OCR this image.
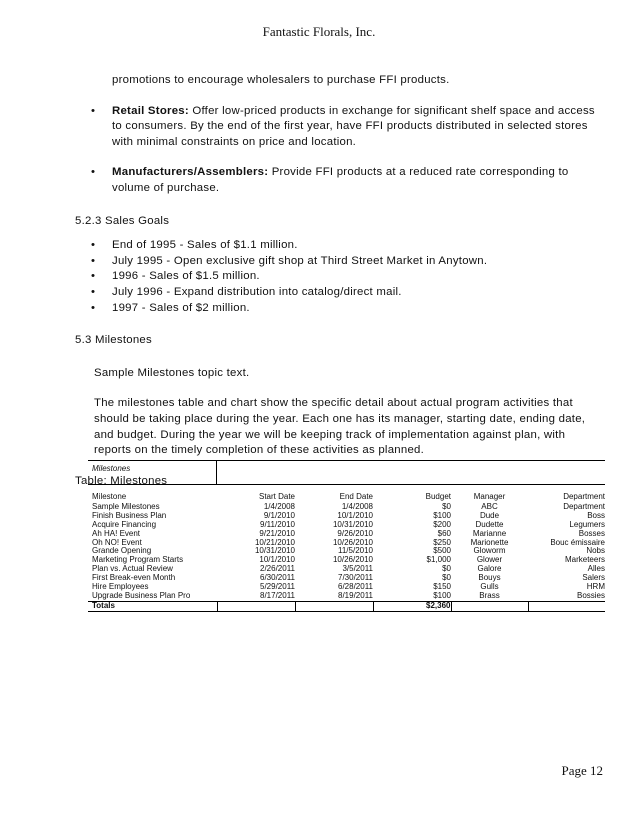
Fantastic Florals, Inc.
promotions to encourage wholesalers to purchase FFI products.
• Retail Stores: Offer low-priced products in exchange for significant shelf space and access to consumers. By the end of the first year, have FFI products distributed in selected stores with minimal constraints on price and location.
• Manufacturers/Assemblers: Provide FFI products at a reduced rate corresponding to volume of purchase.
5.2.3 Sales Goals
• End of 1995 - Sales of $1.1 million.
• July 1995 - Open exclusive gift shop at Third Street Market in Anytown.
• 1996 - Sales of $1.5 million.
• July 1996 - Expand distribution into catalog/direct mail.
• 1997 - Sales of $2 million.
5.3 Milestones
Sample Milestones topic text.
The milestones table and chart show the specific detail about actual program activities that should be taking place during the year. Each one has its manager, starting date, ending date, and budget. During the year we will be keeping track of implementation against plan, with reports on the timely completion of these activities as planned.
Table: Milestones
Milestones
Milestone	Start Date	End Date	Budget	Manager	Department
Sample Milestones	1/4/2008	1/4/2008	$0	ABC	Department
Finish Business Plan	9/1/2010	10/1/2010	$100	Dude	Boss
Acquire Financing	9/11/2010	10/31/2010	$200	Dudette	Legumers
Ah HA! Event	9/21/2010	9/26/2010	$60	Marianne	Bosses
Oh NO! Event	10/21/2010	10/26/2010	$250	Marionette	Bouc émissaire
Grande Opening	10/31/2010	11/5/2010	$500	Gloworm	Nobs
Marketing Program Starts	10/1/2010	10/26/2010	$1,000	Glower	Marketeers
Plan vs. Actual Review	2/26/2011	3/5/2011	$0	Galore	Alles
First Break-even Month	6/30/2011	7/30/2011	$0	Bouys	Salers
Hire Employees	5/29/2011	6/28/2011	$150	Gulls	HRM
Upgrade Business Plan Pro	8/17/2011	8/19/2011	$100	Brass	Bossies
Totals			$2,360		
Page 12
